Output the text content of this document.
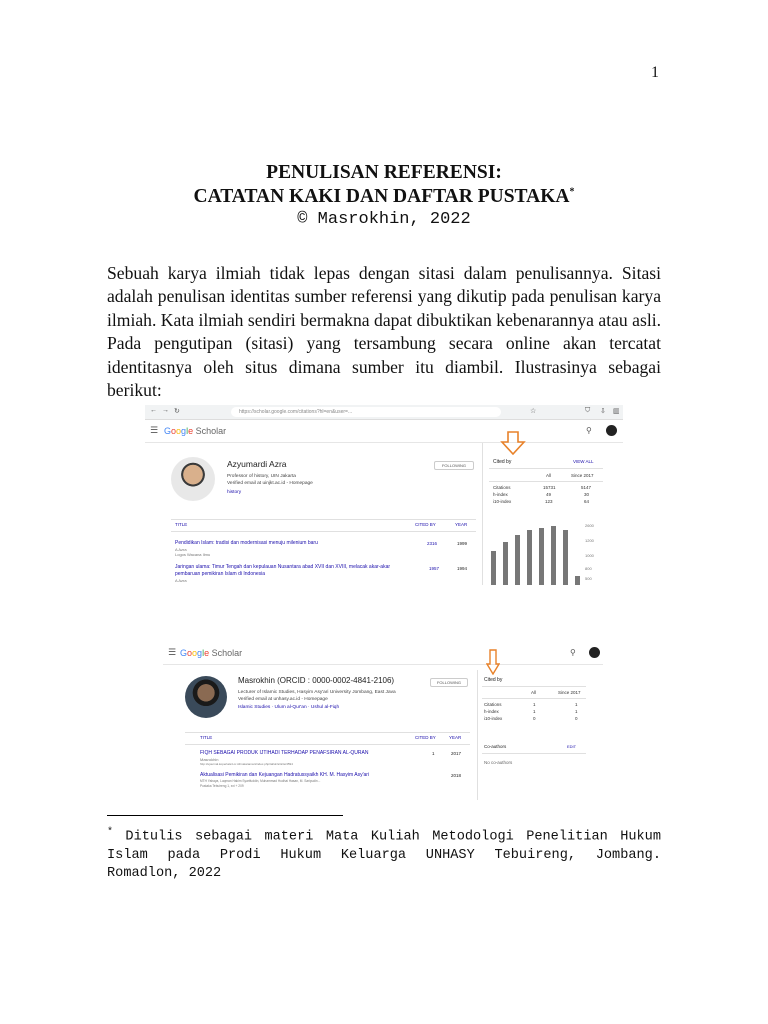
1
PENULISAN REFERENSI:
CATATAN KAKI DAN DAFTAR PUSTAKA*
© Masrokhin, 2022
Sebuah karya ilmiah tidak lepas dengan sitasi dalam penulisannya. Sitasi adalah penulisan identitas sumber referensi yang dikutip pada penulisan karya ilmiah. Kata ilmiah sendiri bermakna dapat dibuktikan kebenarannya atau asli. Pada pengutipan (sitasi) yang tersambung secara online akan tercatat identitasnya oleh situs dimana sumber itu diambil. Ilustrasinya sebagai berikut:
← → ↻	https://scholar.google.com/citations?hl=en&user=...	☆	⛉ ⇩ ▥
☰ Google Scholar	⚲
Azyumardi Azra
Professor of history, UIN Jakarta
Verified email at uinjkt.ac.id - Homepage
history
FOLLOWING
TITLE	CITED BY	YEAR
Pendidikan Islam: tradisi dan modernisasi menuju milenium baru
A Azra
Logos Wacana Ilmu
2316	1999
Jaringan ulama: Timur Tengah dan kepulauan Nusantara abad XVII dan XVIII, melacak akar-akar pembaruan pemikiran Islam di Indonesia
A Azra
1957	1994
Cited by	VIEW ALL
All	Since 2017
Citations	15731	5147
h-index	49	30
i10-index	123	64
2600
1200
1000
800
500
☰ Google Scholar	⚲
Masrokhin (ORCID : 0000-0002-4841-2106)
Lecturer of Islamic Studies, Hasyim Asy'ari University Jombang, East Java
Verified email at unhasy.ac.id - Homepage
Islamic Studies · Ulum al-Qur'an · Ushul al-Fiqh
FOLLOWING
TITLE	CITED BY	YEAR
FIQH SEBAGAI PRODUK IJTIHADI TERHADAP PENAFSIRAN AL-QURAN
Masrokhin
http://ejournal.kopertais4.or.id/mataraman/index.php/tafsir/article/4594
1	2017
Aktualisasi Pemikiran dan Kejuangan Hadratussyaikh KH. M. Hasyim Asy'ari
MTH Yahaya, Luqman Hakim Syarifuddin, Muhammad Hudhai Hasan, M. Saripudin...
Pustaka Tebuireng 1, xxi + 209
2018
Cited by
All	Since 2017
Citations	1	1
h-index	1	1
i10-index	0	0
Co-authors	EDIT
No co-authors
* Ditulis sebagai materi Mata Kuliah Metodologi Penelitian Hukum Islam pada Prodi Hukum Keluarga UNHASY Tebuireng, Jombang. Romadlon, 2022
